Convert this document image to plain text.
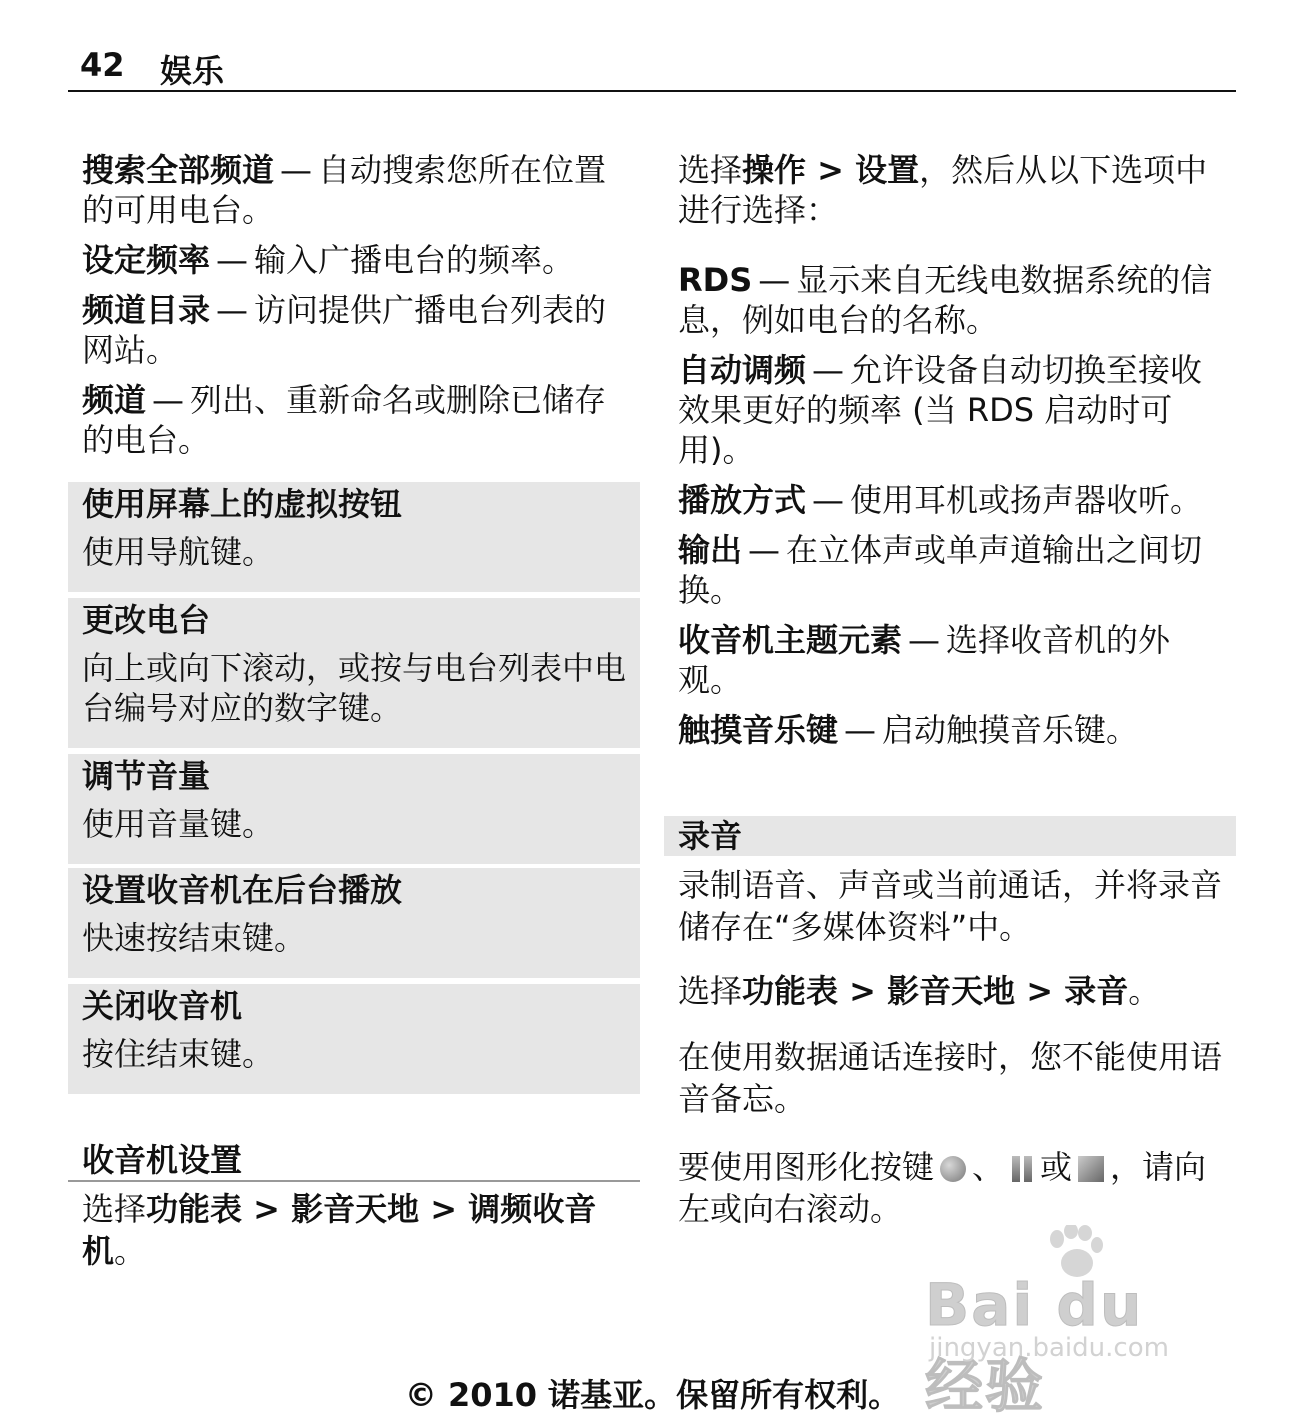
42 娱乐

搜索全部频道 — 自动搜索您所在位置的可用电台。

设定频率 — 输入广播电台的频率。

频道目录 — 访问提供广播电台列表的网站。

频道 — 列出、重新命名或删除已储存的电台。

使用屏幕上的虚拟按钮
使用导航键。
更改电台
向上或向下滚动，或按与电台列表中电台编号对应的数字键。
调节音量
使用音量键。
设置收音机在后台播放
快速按结束键。
关闭收音机
按住结束键。
收音机设置
选择功能表 > 影音天地 > 调频收音机。

选择操作 > 设置，然后从以下选项中进行选择：

RDS — 显示来自无线电数据系统的信息，例如电台的名称。

自动调频 — 允许设备自动切换至接收效果更好的频率 (当 RDS 启动时可用)。

播放方式 — 使用耳机或扬声器收听。

输出 — 在立体声或单声道输出之间切换。

收音机主题元素 — 选择收音机的外观。

触摸音乐键 — 启动触摸音乐键。

录音
录制语音、声音或当前通话，并将录音储存在“多媒体资料”中。
选择功能表 > 影音天地 > 录音。
在使用数据通话连接时，您不能使用语音备忘。
要使用图形化按键 、 或 ，请向左或向右滚动。
Bai du 经验
jingyan.baidu.com
© 2010 诺基亚。保留所有权利。
